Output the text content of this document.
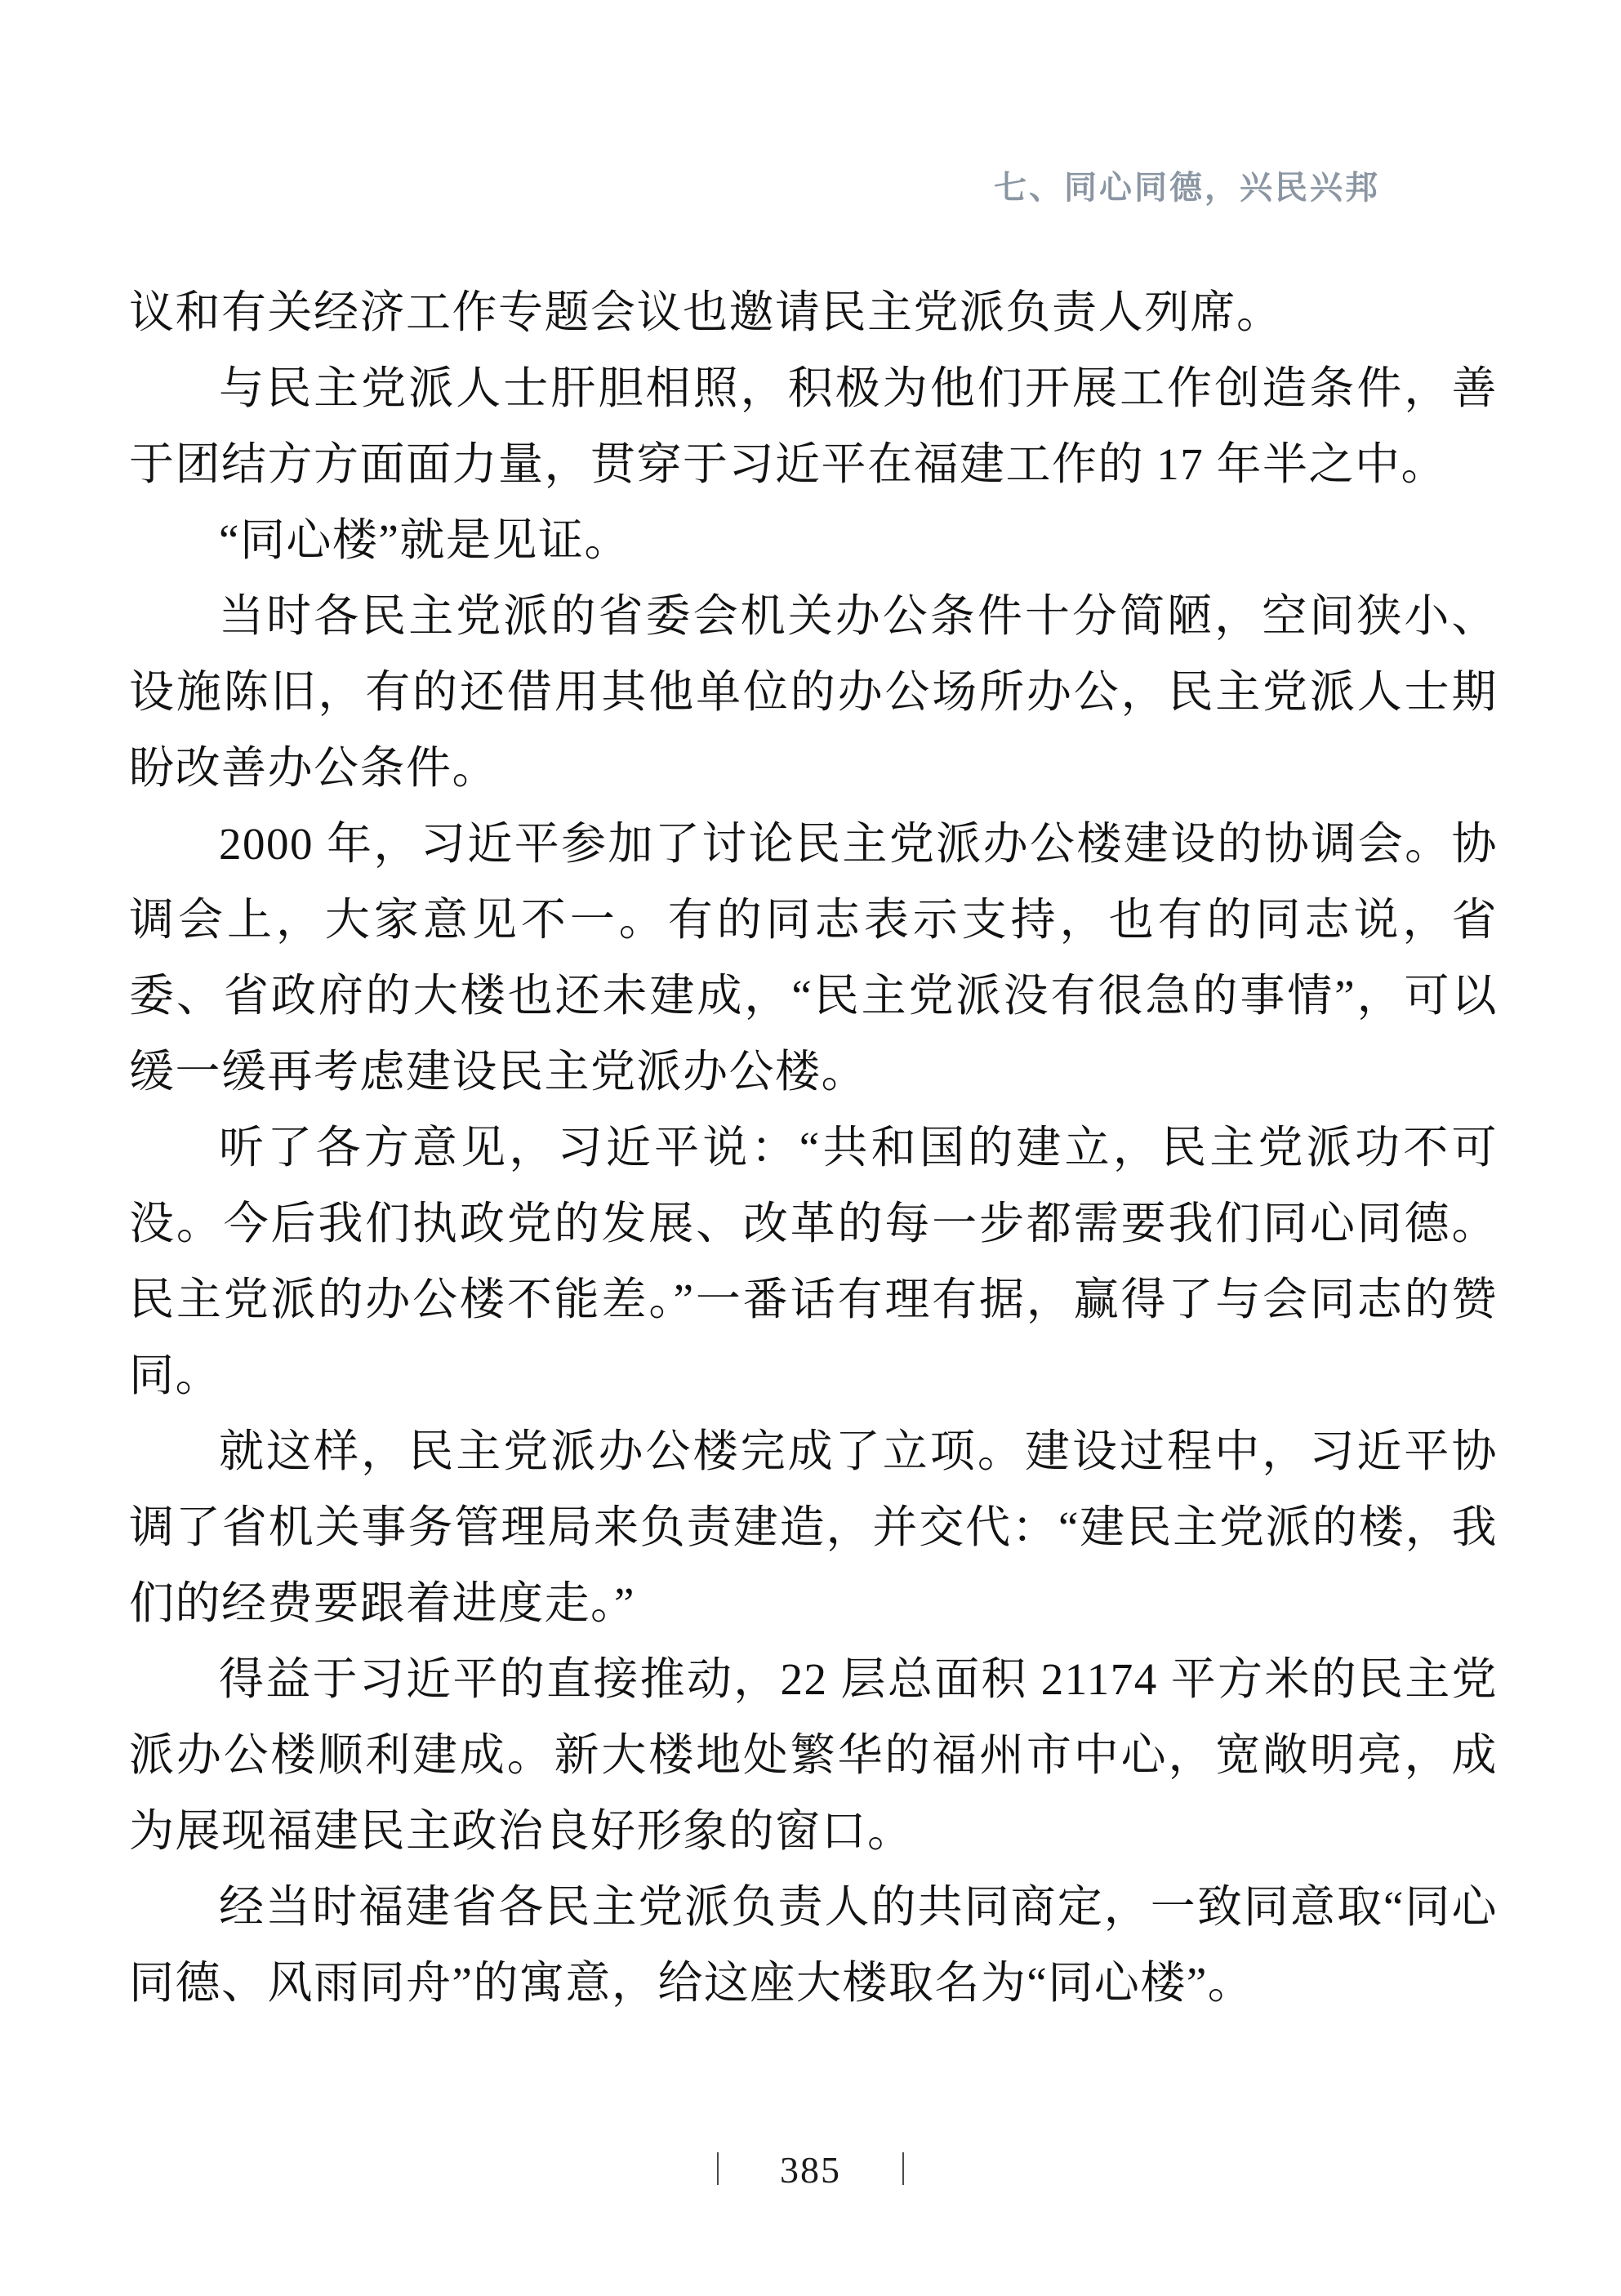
七、同心同德，兴民兴邦

议和有关经济工作专题会议也邀请民主党派负责人列席。

与民主党派人士肝胆相照，积极为他们开展工作创造条件，善于团结方方面面力量，贯穿于习近平在福建工作的 17 年半之中。

“同心楼”就是见证。

当时各民主党派的省委会机关办公条件十分简陋，空间狭小、设施陈旧，有的还借用其他单位的办公场所办公，民主党派人士期盼改善办公条件。

2000 年，习近平参加了讨论民主党派办公楼建设的协调会。协调会上，大家意见不一。有的同志表示支持，也有的同志说，省委、省政府的大楼也还未建成，“民主党派没有很急的事情”，可以缓一缓再考虑建设民主党派办公楼。

听了各方意见，习近平说：“共和国的建立，民主党派功不可没。今后我们执政党的发展、改革的每一步都需要我们同心同德。民主党派的办公楼不能差。”一番话有理有据，赢得了与会同志的赞同。

就这样，民主党派办公楼完成了立项。建设过程中，习近平协调了省机关事务管理局来负责建造，并交代：“建民主党派的楼，我们的经费要跟着进度走。”

得益于习近平的直接推动，22 层总面积 21174 平方米的民主党派办公楼顺利建成。新大楼地处繁华的福州市中心，宽敞明亮，成为展现福建民主政治良好形象的窗口。

经当时福建省各民主党派负责人的共同商定，一致同意取“同心同德、风雨同舟”的寓意，给这座大楼取名为“同心楼”。

｜ 385 ｜
